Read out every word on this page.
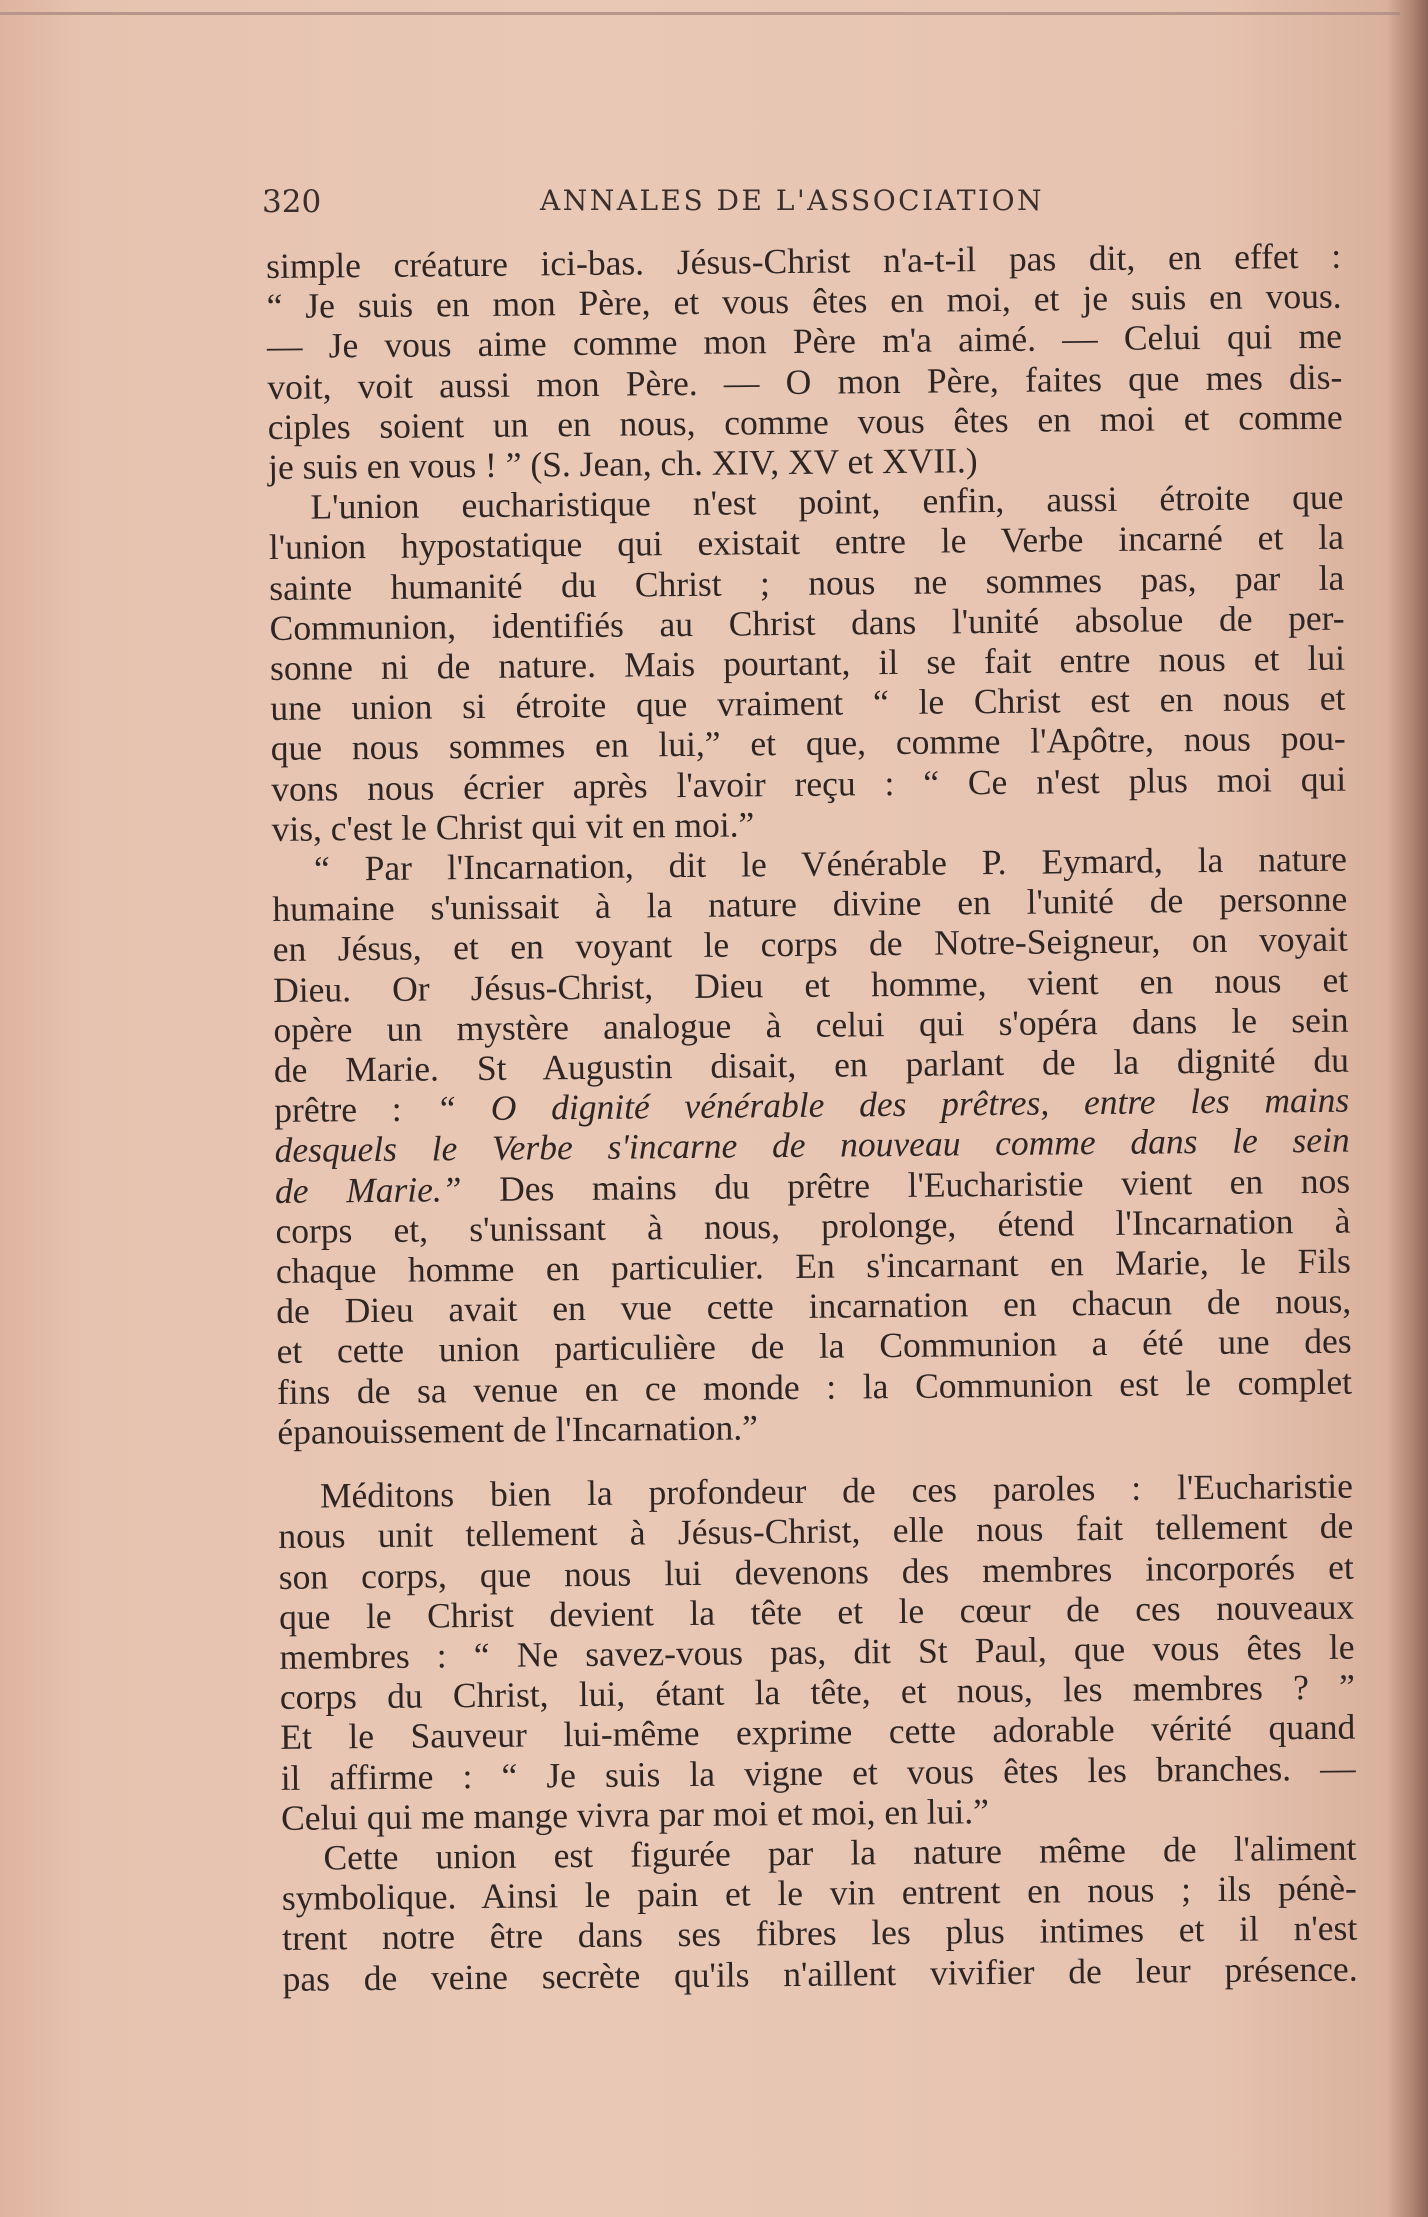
320	ANNALES DE L'ASSOCIATION
simple créature ici-bas. Jésus-Christ n'a-t-il pas dit, en effet :
“ Je suis en mon Père, et vous êtes en moi, et je suis en vous.
— Je vous aime comme mon Père m'a aimé. — Celui qui me
voit, voit aussi mon Père. — O mon Père, faites que mes dis-
ciples soient un en nous, comme vous êtes en moi et comme
je suis en vous ! ” (S. Jean, ch. XIV, XV et XVII.)
L'union eucharistique n'est point, enfin, aussi étroite que
l'union hypostatique qui existait entre le Verbe incarné et la
sainte humanité du Christ ; nous ne sommes pas, par la
Communion, identifiés au Christ dans l'unité absolue de per-
sonne ni de nature. Mais pourtant, il se fait entre nous et lui
une union si étroite que vraiment “ le Christ est en nous et
que nous sommes en lui,” et que, comme l'Apôtre, nous pou-
vons nous écrier après l'avoir reçu : “ Ce n'est plus moi qui
vis, c'est le Christ qui vit en moi.”
“ Par l'Incarnation, dit le Vénérable P. Eymard, la nature
humaine s'unissait à la nature divine en l'unité de personne
en Jésus, et en voyant le corps de Notre-Seigneur, on voyait
Dieu. Or Jésus-Christ, Dieu et homme, vient en nous et
opère un mystère analogue à celui qui s'opéra dans le sein
de Marie. St Augustin disait, en parlant de la dignité du
prêtre : “ O dignité vénérable des prêtres, entre les mains
desquels le Verbe s'incarne de nouveau comme dans le sein
de Marie.” Des mains du prêtre l'Eucharistie vient en nos
corps et, s'unissant à nous, prolonge, étend l'Incarnation à
chaque homme en particulier. En s'incarnant en Marie, le Fils
de Dieu avait en vue cette incarnation en chacun de nous,
et cette union particulière de la Communion a été une des
fins de sa venue en ce monde : la Communion est le complet
épanouissement de l'Incarnation.”
Méditons bien la profondeur de ces paroles : l'Eucharistie
nous unit tellement à Jésus-Christ, elle nous fait tellement de
son corps, que nous lui devenons des membres incorporés et
que le Christ devient la tête et le cœur de ces nouveaux
membres : “ Ne savez-vous pas, dit St Paul, que vous êtes le
corps du Christ, lui, étant la tête, et nous, les membres ? ”
Et le Sauveur lui-même exprime cette adorable vérité quand
il affirme : “ Je suis la vigne et vous êtes les branches. —
Celui qui me mange vivra par moi et moi, en lui.”
Cette union est figurée par la nature même de l'aliment
symbolique. Ainsi le pain et le vin entrent en nous ; ils pénè-
trent notre être dans ses fibres les plus intimes et il n'est
pas de veine secrète qu'ils n'aillent vivifier de leur présence.
